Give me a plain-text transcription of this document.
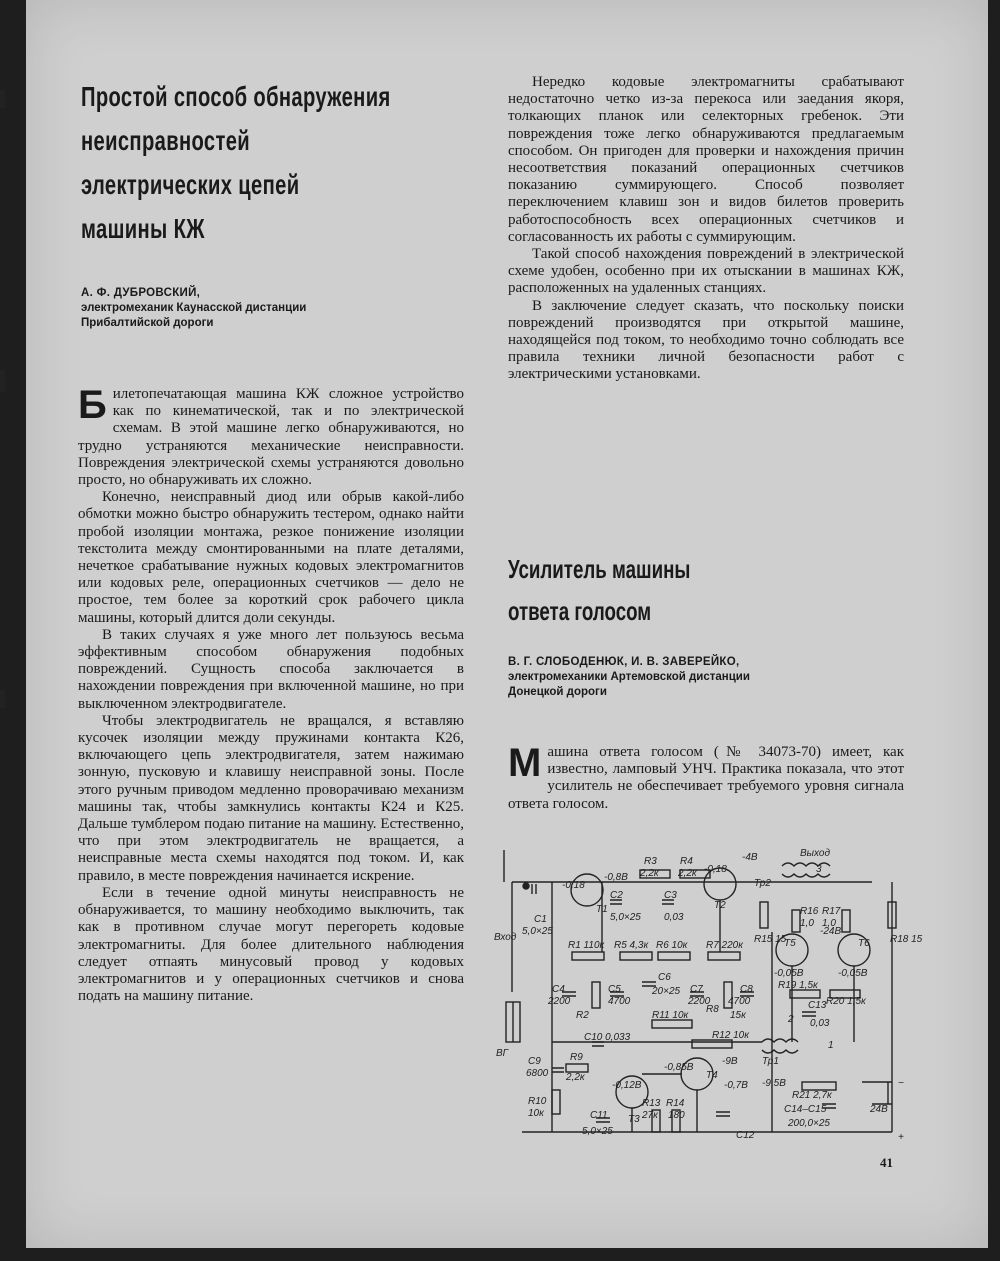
Простой способ обнаружения
неисправностей
электрических цепей
машины КЖ
А. Ф. ДУБРОВСКИЙ,
электромеханик Каунасской дистанции
Прибалтийской дороги

Билетопечатающая машина КЖ сложное устройство как по кинематической, так и по электрической схемам. В этой машине легко обнаруживаются, но трудно устраняются механические неисправности. Повреждения электрической схемы устраняются довольно просто, но обнаруживать их сложно.

Конечно, неисправный диод или обрыв какой-либо обмотки можно быстро обнаружить тестером, однако найти пробой изоляции монтажа, резкое понижение изоляции текстолита между смонтированными на плате деталями, нечеткое срабатывание нужных кодовых электромагнитов или кодовых реле, операционных счетчиков — дело не простое, тем более за короткий срок рабочего цикла машины, который длится доли секунды.

В таких случаях я уже много лет пользуюсь весьма эффективным способом обнаружения подобных повреждений. Сущность способа заключается в нахождении повреждения при включенной машине, но при выключенном электродвигателе.

Чтобы электродвигатель не вращался, я вставляю кусочек изоляции между пружинами контакта К26, включающего цепь электродвигателя, затем нажимаю зонную, пусковую и клавишу неисправной зоны. После этого ручным приводом медленно проворачиваю механизм машины так, чтобы замкнулись контакты К24 и К25. Дальше тумблером подаю питание на машину. Естественно, что при этом электродвигатель не вращается, а неисправные места схемы находятся под током. И, как правило, в месте повреждения начинается искрение.

Если в течение одной минуты неисправность не обнаруживается, то машину необходимо выключить, так как в противном случае могут перегореть кодовые электромагниты. Для более длительного наблюдения следует отпаять минусовый провод у кодовых электромагнитов и у операционных счетчиков и снова подать на машину питание.

Нередко кодовые электромагниты срабатывают недостаточно четко из-за перекоса или заедания якоря, толкающих планок или селекторных гребенок. Эти повреждения тоже легко обнаруживаются предлагаемым способом. Он пригоден для проверки и нахождения причин несоответствия показаний операционных счетчиков показанию суммирующего. Способ позволяет переключением клавиш зон и видов билетов проверить работоспособность всех операционных счетчиков и согласованность их работы с суммирующим.

Такой способ нахождения повреждений в электрической схеме удобен, особенно при их отыскании в машинах КЖ, расположенных на удаленных станциях.

В заключение следует сказать, что поскольку поиски повреждений производятся при открытой машине, находящейся под током, то необходимо точно соблюдать все правила техники личной безопасности работ с электрическими установками.

Усилитель машины
ответа голосом
В. Г. СЛОБОДЕНЮК, И. В. ЗАВЕРЕЙКО,
электромеханики Артемовской дистанции
Донецкой дороги

Машина ответа голосом (№ 34073-70) имеет, как известно, ламповый УНЧ. Практика показала, что этот усилитель не обеспечивает требуемого уровня сигнала ответа голосом.

Выход
Вход
ВГ
Тр2
Тр1
Т1	Т2
Т3
Т4
Т5	Т6
R1 110к
R2
R3
2,2к
R4
2,2к
R5 4,3к R6 10к R7 220к
R8
15к
R9
2,2к
R10
10к
R11 10к
R12 10к
R13
27к
R14
180
R15 15
R16
1,0
R17
1,0
R18 15
R19 1,5к
R20 1,5к
R21 2,7к
С1
5,0×25
С2
5,0×25
С3
0,03
С4
2200
С5
4700
С6
20×25 С7
2200
С8
4700
С9
6800
С10 0,033
С11
5,0×25	С12
С13
0,03
С14–С15
200,0×25
-0,18
-0,8В
-0,18
-4В
-24В
-0,85В
-9В
-0,7В -9,5В
-0,12В
-0,05В	-0,05В
24В
−
+
3
1
2
41
